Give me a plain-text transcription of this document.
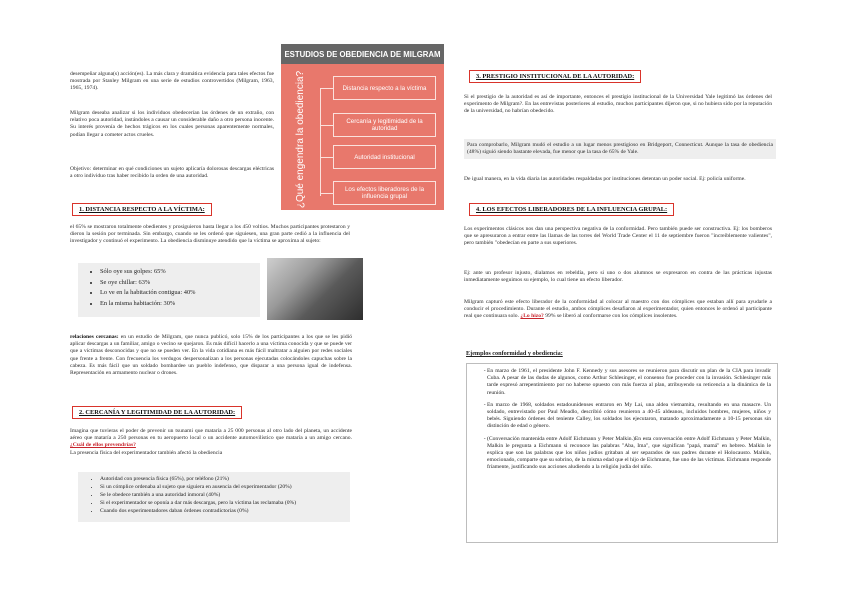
desempeñar alguna(s) acción(es). La más clara y dramática evidencia para tales efectos fue mostrada por Stanley Milgram en una serie de estudios controvertidos (Milgram, 1963, 1965, 1974).
Milgram deseaba analizar si los individuos obedecerían las órdenes de un extraño, con relativo poca autoridad, instándoles a causar un considerable daño a otro persona inocente. Su interés provenía de hechos trágicos en los cuales personas aparentemente normales, podían llegar a cometer actos crueles.
Objetivo: determinar en qué condiciones un sujeto aplicaría dolorosas descargas eléctricas a otro individuo tras haber recibido la orden de una autoridad.
ESTUDIOS DE OBEDIENCIA DE MILGRAM
¿Qué engendra la obediencia?	Distancia respecto a la víctima
Cercanía y legitimidad de la autoridad
Autoridad institucional
Los efectos liberadores de la influencia grupal
1. DISTANCIA RESPECTO A LA VÍCTIMA:
el 65% se mostraron totalmente obedientes y prosiguieron hasta llegar a los 450 voltios. Muchos participantes protestaron y dieron la sesión por terminada. Sin embargo, cuando se les ordenó que siguiesen, una gran parte cedió a la influencia del investigador y continuó el experimento. La obediencia disminuye atendido que la víctima se aproxima al sujeto:
• Sólo oye sus golpes: 65%
• Se oye chillar: 63%
• Lo ve en la habitación contigua: 40%
• En la misma habitación: 30%
relaciones cercanas: en un estudio de Milgram, que nunca publicó, solo 15% de los participantes a los que se les pidió aplicar descargas a un familiar, amigo o vecino se quejaron. Es más difícil hacerlo a una víctima conocida y que se puede ver que a víctimas desconocidas y que no se pueden ver. En la vida cotidiana es más fácil maltratar a alguien por redes sociales que frente a frente. Con frecuencia los verdugos despersonalizan a los personas ejecutadas colocándoles capuchas sobre la cabeza. Es más fácil que un soldado bombardee un pueblo indefenso, que disparar a una persona igual de indefensa. Representación en armamento nuclear o drones.
2. CERCANÍA Y LEGITIMIDAD DE LA AUTORIDAD:
Imagina que tuvieras el poder de prevenir un tsunami que mataría a 25 000 personas al otro lado del planeta, un accidente aéreo que mataría a 250 personas en tu aeropuerto local o un accidente automovilístico que mataría a un amigo cercano. ¿Cuál de ellos prevendrías?
La presencia física del experimentador también afectó la obediencia
• Autoridad con presencia física (65%), por teléfono (21%)
• Si un cómplice ordenaba al sujeto que siguiera en ausencia del experimentador (20%)
• Se le obedece también a una autoridad inmoral (40%)
• Si el experimentador se oponía a dar más descargas, pero la víctima las reclamaba (0%)
• Cuando dos experimentadores daban órdenes contradictorias (0%)
3. PRESTIGIO INSTITUCIONAL DE LA AUTORIDAD:
Si el prestigio de la autoridad es así de importante, entonces el prestigio institucional de la Universidad Yale legitimó las órdenes del experimento de Milgram?. En las entrevistas posteriores al estudio, muchos participantes dijeron que, si no hubiera sido por la reputación de la universidad, no habrían obedecido.
Para comprobarlo, Milgram mudó el estudio a un lugar menos prestigioso en Bridgeport, Connecticut. Aunque la tasa de obediencia (48%) siguió siendo bastante elevada, fue menor que la tasa de 65% de Yale.
De igual manera, en la vida diaria las autoridades respaldadas por instituciones detentan un poder social. Ej: policía uniforme.
4. LOS EFECTOS LIBERADORES DE LA INFLUENCIA GRUPAL:
Los experimentos clásicos nos dan una perspectiva negativa de la conformidad. Pero también puede ser constructiva. Ej: los bomberos que se apresuraron a entrar entre las llamas de las torres del World Trade Center el 11 de septiembre fueron "increíblemente valientes", pero también "obedecían en parte a sus superiores.
Ej: ante un profesor injusto, dialamos en rebeldía, pero si uno o dos alumnos se expresaron en contra de las prácticas injustas inmediatamente seguimos su ejemplo, lo cual tiene un efecto liberador.
Milgram capturó este efecto liberador de la conformidad al colocar al maestro con dos cómplices que estaban allí para ayudarle a conducir el procedimiento. Durante el estudio, ambos cómplices desafiaron al experimentador, quien entonces le ordenó al participante real que continuara solo. ¿Lo hizo? 99% se liberó al conformarse con los cómplices insolentes.
Ejemplos conformidad y obediencia:
- En marzo de 1961, el presidente John F. Kennedy y sus asesores se reunieron para discutir un plan de la CIA para invadir Cuba. A pesar de las dudas de algunos, como Arthur Schlesinger, el consenso fue proceder con la invasión. Schlesinger más tarde expresó arrepentimiento por no haberse opuesto con más fuerza al plan, atribuyendo su reticencia a la dinámica de la reunión.
- En marzo de 1968, soldados estadounidenses entraron en My Lai, una aldea vietnamita, resultando en una masacre. Un soldado, entrevistado por Paul Meadlo, describió cómo reunieron a 40-45 aldeanos, incluidos hombres, mujeres, niños y bebés. Siguiendo órdenes del teniente Calley, los soldados los ejecutaron, matando aproximadamente a 10-15 personas sin distinción de edad o género.
- (Conversación mantenida entre Adolf Eichmann y Peter Malkin.)En esta conversación entre Adolf Eichmann y Peter Malkin, Malkin le pregunta a Eichmann si reconoce las palabras "Aba, Ima", que significan "papá, mamá" en hebreo. Malkin le explica que son las palabras que los niños judíos gritaban al ser separados de sus padres durante el Holocausto. Malkin, emocionado, comparte que su sobrino, de la misma edad que el hijo de Eichmann, fue uno de las víctimas. Eichmann responde fríamente, justificando sus acciones aludiendo a la religión judía del niño.
